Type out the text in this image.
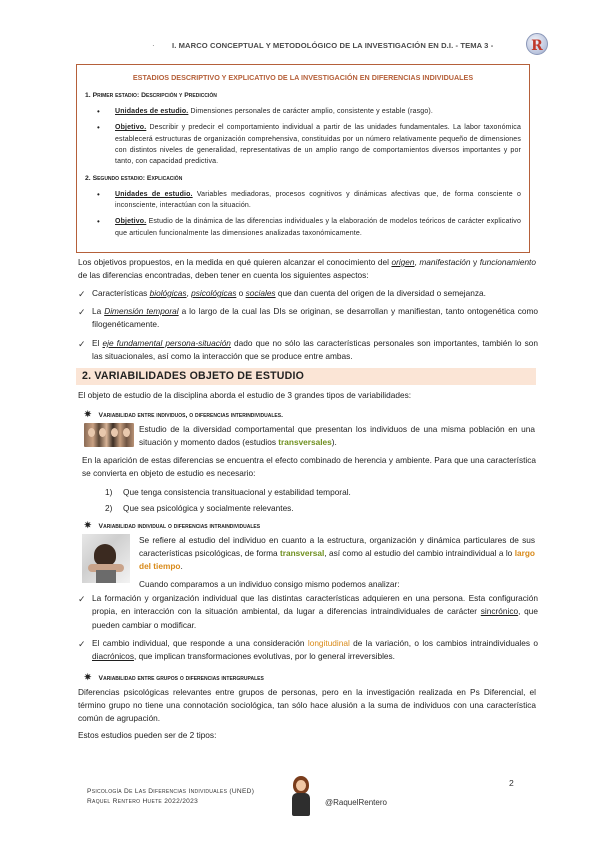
· I. MARCO CONCEPTUAL Y METODOLÓGICO DE LA INVESTIGACIÓN EN D.I. - TEMA 3 -	R
ESTADIOS DESCRIPTIVO Y EXPLICATIVO DE LA INVESTIGACIÓN EN DIFERENCIAS INDIVIDUALES
1. Primer estadio: Descripción y Predicción
• Unidades de estudio. Dimensiones personales de carácter amplio, consistente y estable (rasgo).
• Objetivo. Describir y predecir el comportamiento individual a partir de las unidades fundamentales. La labor taxonómica establecerá estructuras de organización comprehensiva, constituidas por un número relativamente pequeño de dimensiones con distintos niveles de generalidad, representativas de un amplio rango de comportamientos diversos importantes y por tanto, con capacidad predictiva.
2. Segundo estadio: Explicación
• Unidades de estudio. Variables mediadoras, procesos cognitivos y dinámicas afectivas que, de forma consciente o inconsciente, interactúan con la situación.
• Objetivo. Estudio de la dinámica de las diferencias individuales y la elaboración de modelos teóricos de carácter explicativo que articulen funcionalmente las dimensiones analizadas taxonómicamente.
Los objetivos propuestos, en la medida en qué quieren alcanzar el conocimiento del origen, manifestación y funcionamiento de las diferencias encontradas, deben tener en cuenta los siguientes aspectos:
✓ Características biológicas, psicológicas o sociales que dan cuenta del origen de la diversidad o semejanza.
✓ La Dimensión temporal a lo largo de la cual las DIs se originan, se desarrollan y manifiestan, tanto ontogenética como filogenéticamente.
✓ El eje fundamental persona-situación dado que no sólo las características personales son importantes, también lo son las situacionales, así como la interacción que se produce entre ambas.
2. VARIABILIDADES OBJETO DE ESTUDIO
El objeto de estudio de la disciplina aborda el estudio de 3 grandes tipos de variabilidades:
✷ Variabilidad entre individuos, o diferencias interindividuales.
Estudio de la diversidad comportamental que presentan los individuos de una misma población en una situación y momento dados (estudios transversales).
En la aparición de estas diferencias se encuentra el efecto combinado de herencia y ambiente. Para que una característica se convierta en objeto de estudio es necesario:
1) Que tenga consistencia transituacional y estabilidad temporal.
2) Que sea psicológica y socialmente relevantes.
✷ Variabilidad individual o diferencias intraindividuales
Se refiere al estudio del individuo en cuanto a la estructura, organización y dinámica particulares de sus características psicológicas, de forma transversal, así como al estudio del cambio intraindividual a lo largo del tiempo.
Cuando comparamos a un individuo consigo mismo podemos analizar:
✓ La formación y organización individual que las distintas características adquieren en una persona. Esta configuración propia, en interacción con la situación ambiental, da lugar a diferencias intraindividuales de carácter sincrónico, que pueden cambiar o modificar.
✓ El cambio individual, que responde a una consideración longitudinal de la variación, o los cambios intraindividuales o diacrónicos, que implican transformaciones evolutivas, por lo general irreversibles.
✷ Variabilidad entre grupos o diferencias intergrupales
Diferencias psicológicas relevantes entre grupos de personas, pero en la investigación realizada en Ps Diferencial, el término grupo no tiene una connotación sociológica, tan sólo hace alusión a la suma de individuos con una característica común de agrupación.
Estos estudios pueden ser de 2 tipos:
2
Psicología De Las Diferencias Individuales (UNED)
Raquel Rentero Huete 2022/2023	@RaquelRentero
